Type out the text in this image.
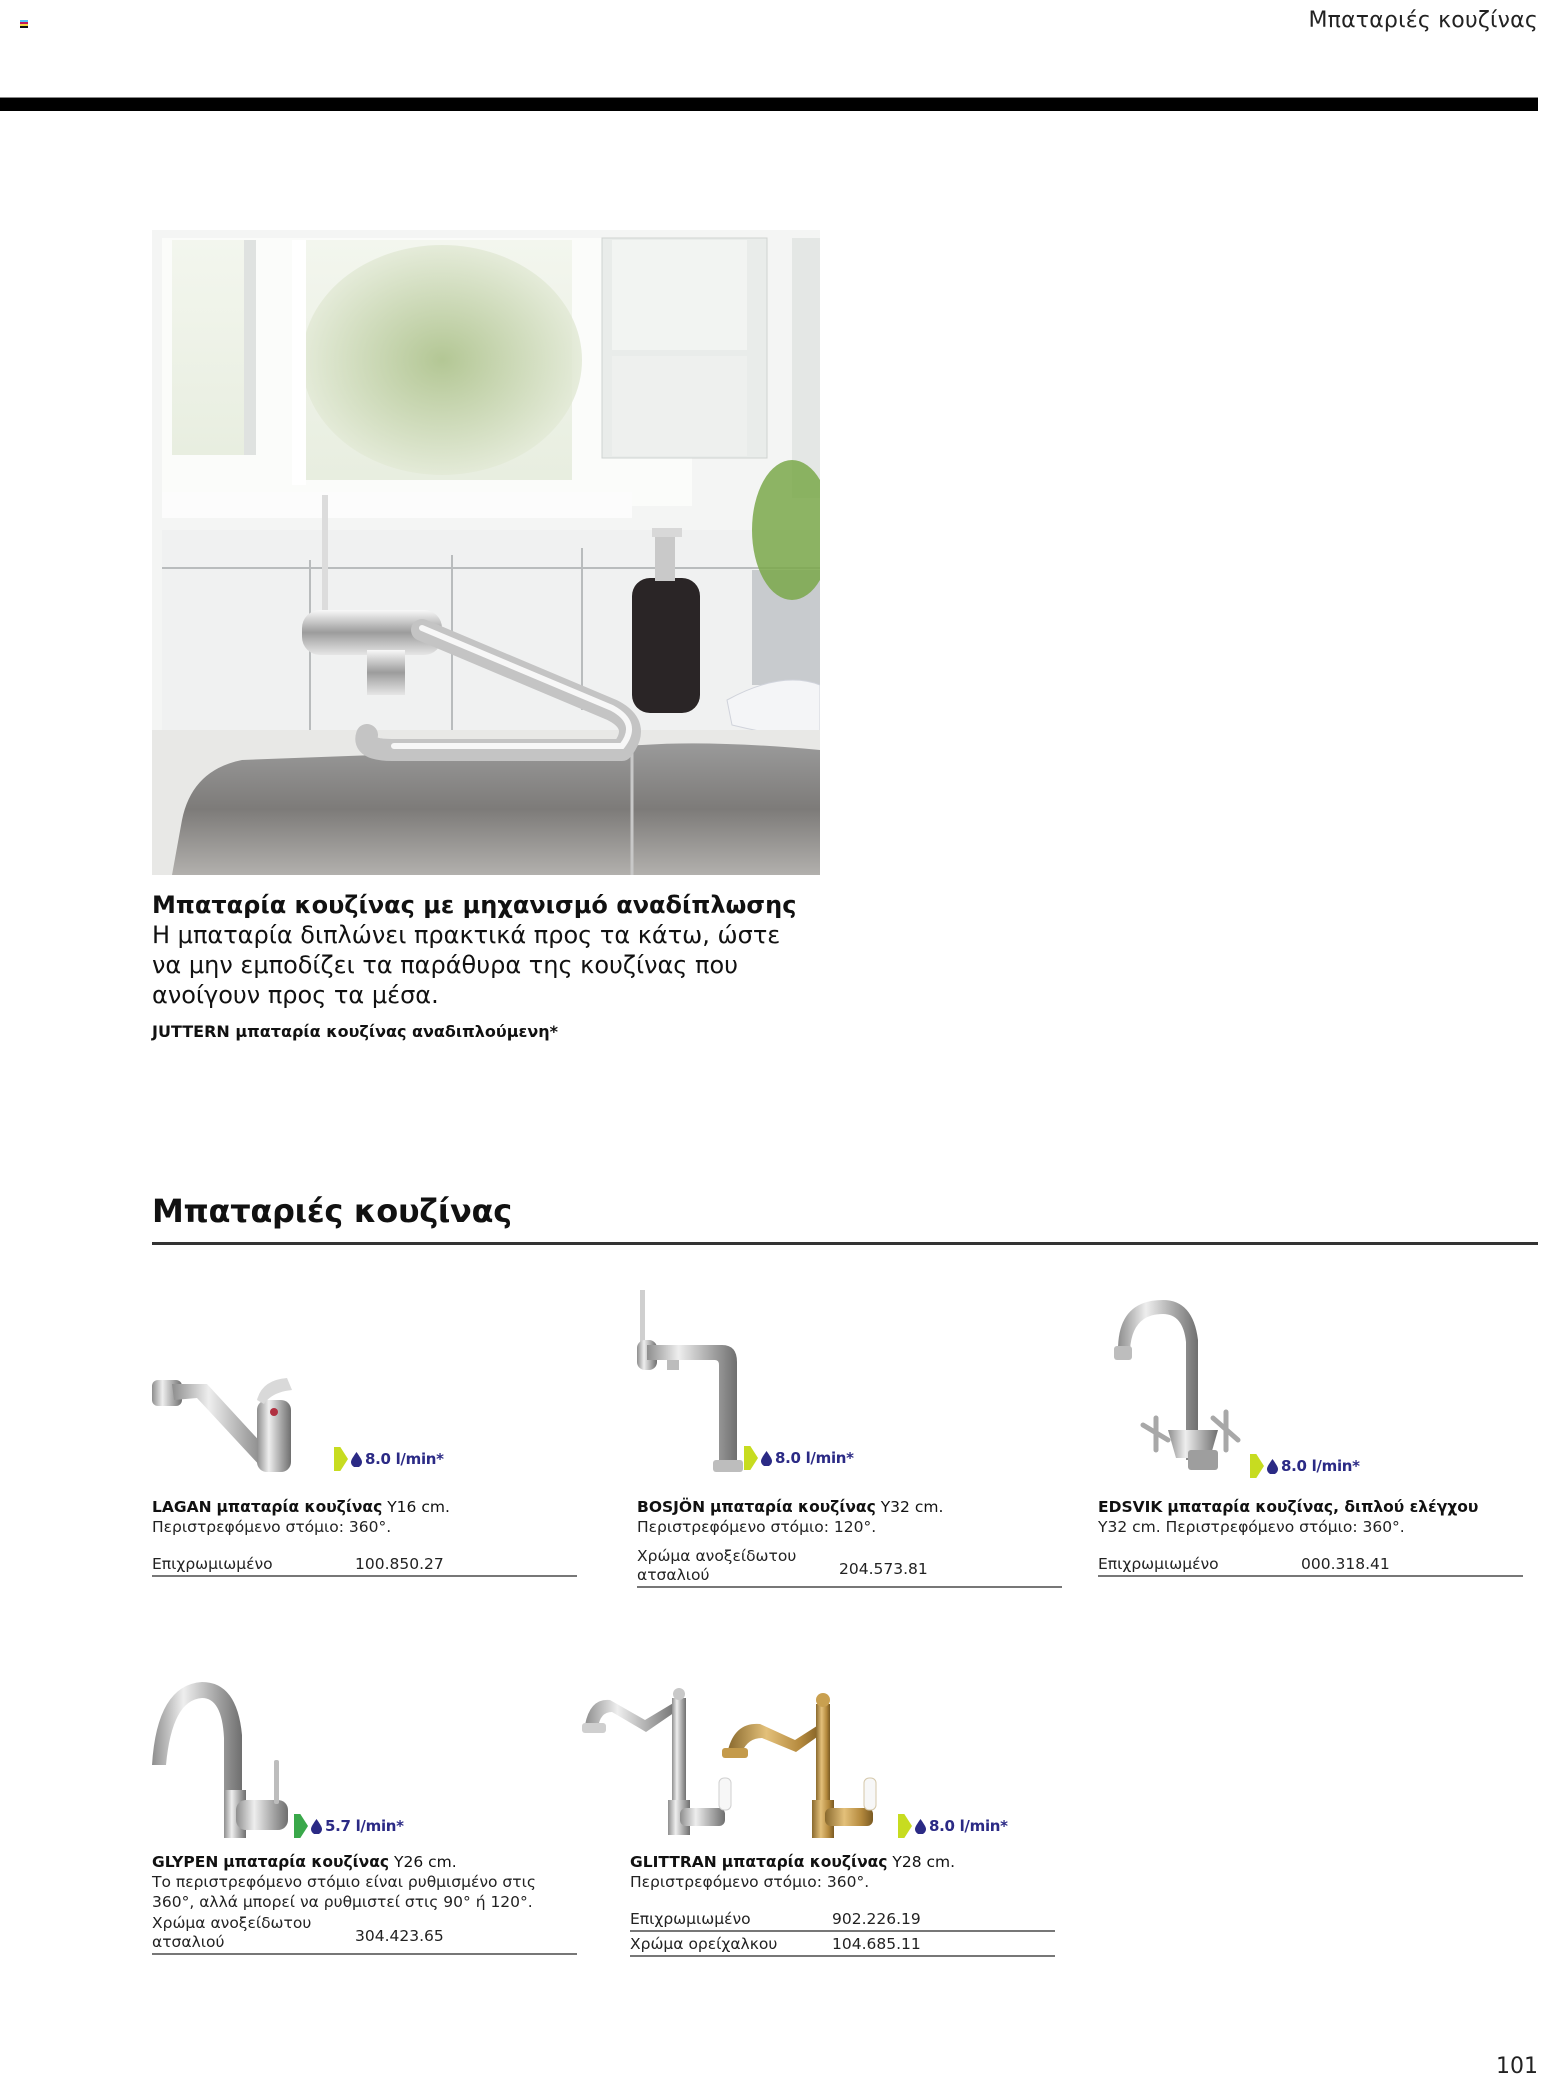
Μπαταριές κουζίνας
Μπαταρία κουζίνας με μηχανισμό αναδίπλωσης
Η μπαταρία διπλώνει πρακτικά προς τα κάτω, ώστε
να μην εμποδίζει τα παράθυρα της κουζίνας που
ανοίγουν προς τα μέσα.
JUTTERN μπαταρία κουζίνας αναδιπλούμενη*
Μπαταριές κουζίνας
8.0 l/min*
LAGAN μπαταρία κουζίνας Υ16 cm.
Περιστρεφόμενο στόμιο: 360°.
Επιχρωμιωμένο	100.850.27
8.0 l/min*
BOSJÖN μπαταρία κουζίνας Υ32 cm.
Περιστρεφόμενο στόμιο: 120°.
Χρώμα ανοξείδωτου ατσαλιού	204.573.81
8.0 l/min*
EDSVIK μπαταρία κουζίνας, διπλού ελέγχου
Υ32 cm. Περιστρεφόμενο στόμιο: 360°.
Επιχρωμιωμένο	000.318.41
5.7 l/min*
GLYPEN μπαταρία κουζίνας Υ26 cm.
Το περιστρεφόμενο στόμιο είναι ρυθμισμένο στις
360°, αλλά μπορεί να ρυθμιστεί στις 90° ή 120°.
Χρώμα ανοξείδωτου ατσαλιού	304.423.65
8.0 l/min*
GLITTRAN μπαταρία κουζίνας Υ28 cm.
Περιστρεφόμενο στόμιο: 360°.
Επιχρωμιωμένο	902.226.19
Χρώμα ορείχαλκου	104.685.11
101
